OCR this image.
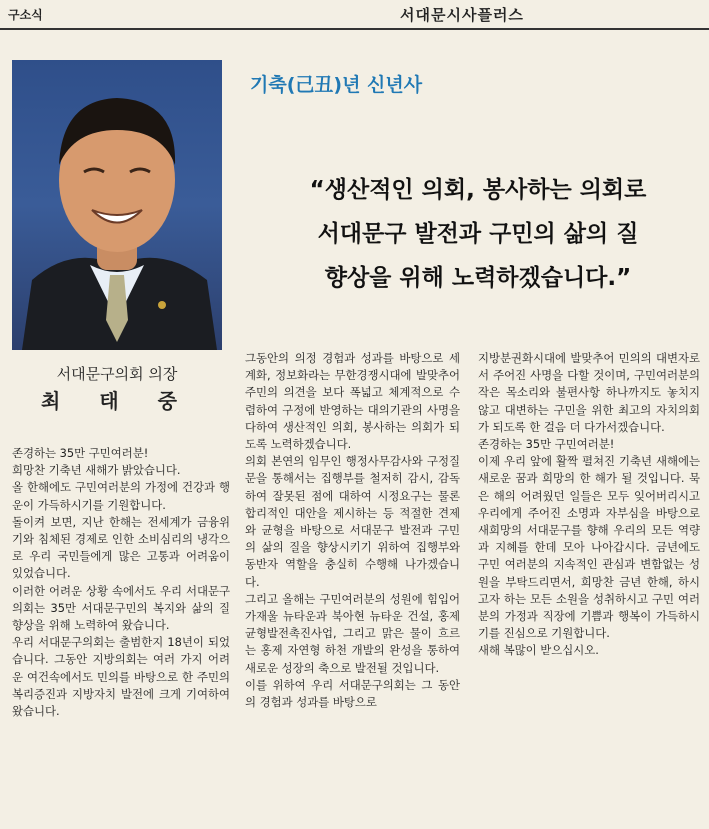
구소식	서대문시사플러스
서대문구의회 의장
최 태 중
기축(己丑)년 신년사
“생산적인 의회, 봉사하는 의회로
서대문구 발전과 구민의 삶의 질
향상을 위해 노력하겠습니다.”

존경하는 35만 구민여러분!

희망찬 기축년 새해가 밝았습니다.

올 한해에도 구민여러분의 가정에 건강과 행운이 가득하시기를 기원합니다.

돌이켜 보면, 지난 한해는 전세계가 금융위기와 침체된 경제로 인한 소비심리의 냉각으로 우리 국민들에게 많은 고통과 어려움이 있었습니다.

이러한 어려운 상황 속에서도 우리 서대문구의회는 35만 서대문구민의 복지와 삶의 질 향상을 위해 노력하여 왔습니다.

우리 서대문구의회는 출범한지 18년이 되었습니다. 그동안 지방의회는 여러 가지 어려운 여건속에서도 민의를 바탕으로 한 주민의 복리증진과 지방자치 발전에 크게 기여하여 왔습니다.

그동안의 의정 경험과 성과를 바탕으로 세계화, 정보화라는 무한경쟁시대에 발맞추어 주민의 의견을 보다 폭넓고 체계적으로 수렴하여 구정에 반영하는 대의기관의 사명을 다하여 생산적인 의회, 봉사하는 의회가 되도록 노력하겠습니다.

의회 본연의 임무인 행정사무감사와 구정질문을 통해서는 집행부를 철저히 감시, 감독하여 잘못된 점에 대하여 시정요구는 물론 합리적인 대안을 제시하는 등 적절한 견제와 균형을 바탕으로 서대문구 발전과 구민의 삶의 질을 향상시키기 위하여 집행부와 동반자 역할을 충실히 수행해 나가겠습니다.

그리고 올해는 구민여러분의 성원에 힘입어 가재울 뉴타운과 북아현 뉴타운 건설, 홍제 균형발전촉진사업, 그리고 맑은 물이 흐르는 홍제 자연형 하천 개발의 완성을 통하여 새로운 성장의 축으로 발전될 것입니다.

이를 위하여 우리 서대문구의회는 그 동안의 경험과 성과를 바탕으로

지방분권화시대에 발맞추어 민의의 대변자로서 주어진 사명을 다할 것이며, 구민여러분의 작은 목소리와 불편사항 하나까지도 놓치지 않고 대변하는 구민을 위한 최고의 자치의회가 되도록 한 걸음 더 다가서겠습니다.

존경하는 35만 구민여러분!

이제 우리 앞에 활짝 펼쳐진 기축년 새해에는 새로운 꿈과 희망의 한 해가 될 것입니다. 묵은 해의 어려웠던 일들은 모두 잊어버리시고 우리에게 주어진 소명과 자부심을 바탕으로 새희망의 서대문구를 향해 우리의 모든 역량과 지혜를 한데 모아 나아갑시다. 금년에도 구민 여러분의 지속적인 관심과 변함없는 성원을 부탁드리면서, 희망찬 금년 한해, 하시고자 하는 모든 소원을 성취하시고 구민 여러분의 가정과 직장에 기쁨과 행복이 가득하시기를 진심으로 기원합니다.

새해 복많이 받으십시오.
